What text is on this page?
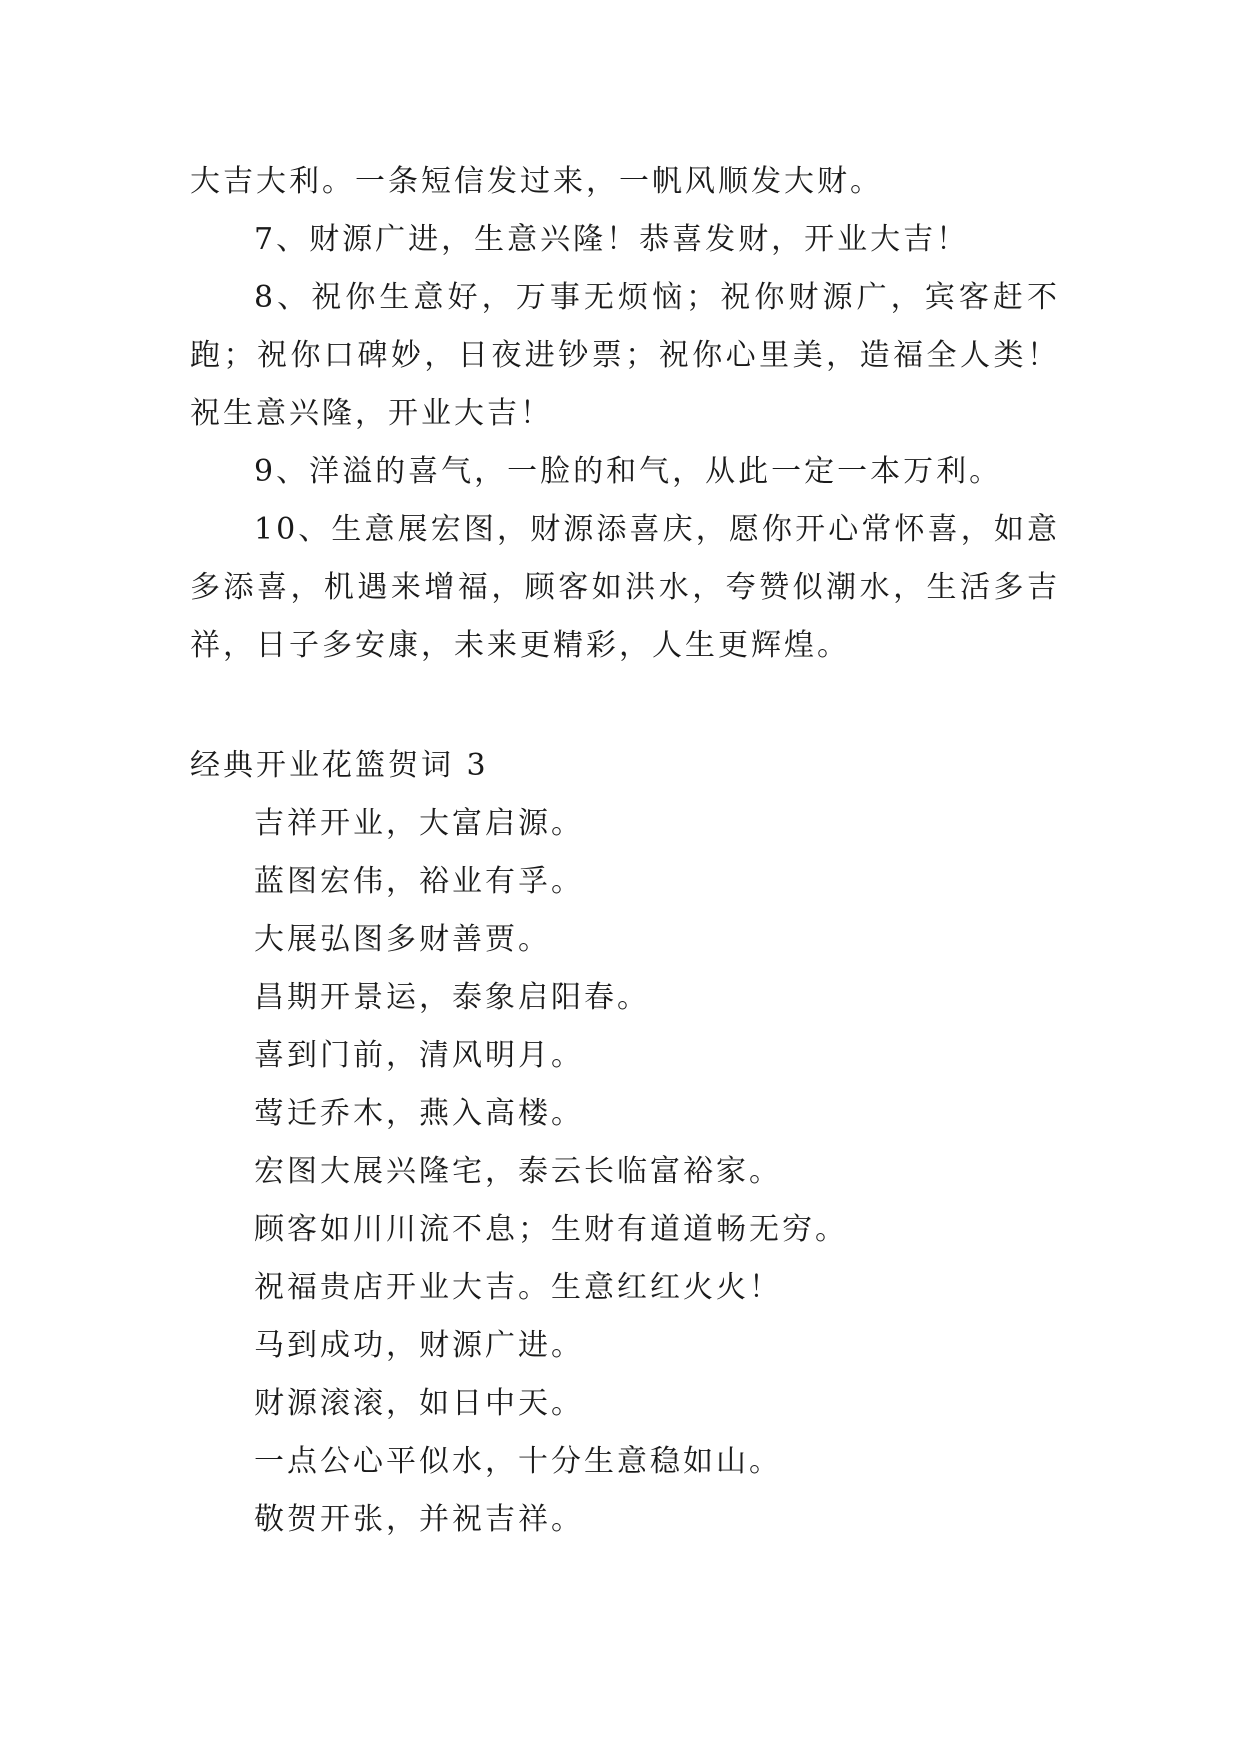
大吉大利。一条短信发过来，一帆风顺发大财。

7、财源广进，生意兴隆！恭喜发财，开业大吉！

8、祝你生意好，万事无烦恼；祝你财源广，宾客赶不跑；祝你口碑妙，日夜进钞票；祝你心里美，造福全人类！祝生意兴隆，开业大吉！

9、洋溢的喜气，一脸的和气，从此一定一本万利。

10、生意展宏图，财源添喜庆，愿你开心常怀喜，如意多添喜，机遇来增福，顾客如洪水，夸赞似潮水，生活多吉祥，日子多安康，未来更精彩，人生更辉煌。

经典开业花篮贺词 3

吉祥开业，大富启源。

蓝图宏伟，裕业有孚。

大展弘图多财善贾。

昌期开景运，泰象启阳春。

喜到门前，清风明月。

莺迁乔木，燕入高楼。

宏图大展兴隆宅，泰云长临富裕家。

顾客如川川流不息；生财有道道畅无穷。

祝福贵店开业大吉。生意红红火火！

马到成功，财源广进。

财源滚滚，如日中天。

一点公心平似水，十分生意稳如山。

敬贺开张，并祝吉祥。
